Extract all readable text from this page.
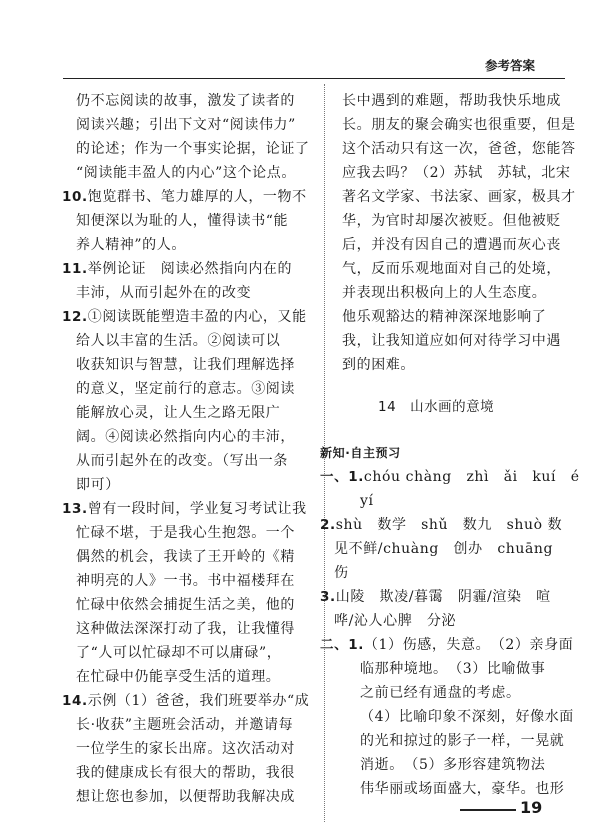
参考答案
仍不忘阅读的故事，激发了读者的
阅读兴趣；引出下文对“阅读伟力”
的论述；作为一个事实论据，论证了
“阅读能丰盈人的内心”这个论点。
10.饱览群书、笔力雄厚的人，一物不
知便深以为耻的人，懂得读书“能
养人精神”的人。
11.举例论证　阅读必然指向内在的
丰沛，从而引起外在的改变
12.①阅读既能塑造丰盈的内心，又能
给人以丰富的生活。②阅读可以
收获知识与智慧，让我们理解选择
的意义，坚定前行的意志。③阅读
能解放心灵，让人生之路无限广
阔。④阅读必然指向内心的丰沛，
从而引起外在的改变。（写出一条
即可）
13.曾有一段时间，学业复习考试让我
忙碌不堪，于是我心生抱怨。一个
偶然的机会，我读了王开岭的《精
神明亮的人》一书。书中福楼拜在
忙碌中依然会捕捉生活之美，他的
这种做法深深打动了我，让我懂得
了“人可以忙碌却不可以庸碌”，
在忙碌中仍能享受生活的道理。
14.示例（1）爸爸，我们班要举办“成
长·收获”主题班会活动，并邀请每
一位学生的家长出席。这次活动对
我的健康成长有很大的帮助，我很
想让您也参加，以便帮助我解决成
长中遇到的难题，帮助我快乐地成
长。朋友的聚会确实也很重要，但是
这个活动只有这一次，爸爸，您能答
应我去吗？（2）苏轼　苏轼，北宋
著名文学家、书法家、画家，极具才
华，为官时却屡次被贬。但他被贬
后，并没有因自己的遭遇而灰心丧
气，反而乐观地面对自己的处境，
并表现出积极向上的人生态度。
他乐观豁达的精神深深地影响了
我，让我知道应如何对待学习中遇
到的困难。
14　山水画的意境
新知·自主预习
一、1.chóu chàng　zhì　ǎi　kuí　é
yí
2.shù　数学　shǔ　数九　shuò 数
见不鲜/chuàng　创办　chuāng
伤
3.山陵　欺凌/暮霭　阴霾/渲染　喧
哗/沁人心脾　分泌
二、1.（1）伤感，失意。　（2）亲身面
临那种境地。　（3）比喻做事
之前已经有通盘的考虑。
（4）比喻印象不深刻，好像水面
的光和掠过的影子一样，一晃就
消逝。　（5）多形容建筑物法
伟华丽或场面盛大，豪华。也形
19
